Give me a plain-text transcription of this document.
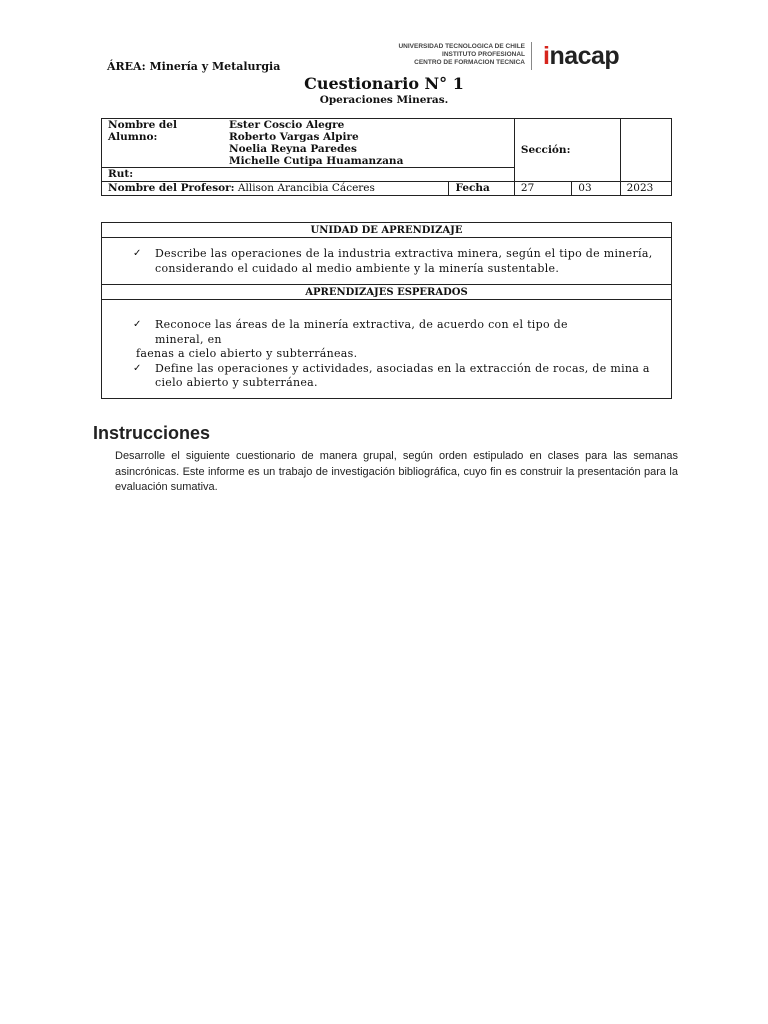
ÁREA: Minería y Metalurgia
UNIVERSIDAD TECNOLOGICA DE CHILE
INSTITUTO PROFESIONAL
CENTRO DE FORMACION TECNICA inacap
Cuestionario N° 1
Operaciones Mineras.
Nombre del Alumno:
Ester Coscio Alegre
Roberto Vargas Alpire
Noelia Reyna Paredes
Michelle Cutipa Huamanzana		Sección:		
Rut:				
Nombre del Profesor: Allison Arancibia Cáceres	Fecha	27	03	2023
UNIDAD DE APRENDIZAJE

✓	Describe las operaciones de la industria extractiva minera, según el tipo de minería, considerando el cuidado al medio ambiente y la minería sustentable.

APRENDIZAJES ESPERADOS

✓	Reconoce las áreas de la minería extractiva, de acuerdo con el tipo de
mineral, en
faenas a cielo abierto y subterráneas.
✓	Define las operaciones y actividades, asociadas en la extracción de rocas, de mina a cielo abierto y subterránea.
Instrucciones
Desarrolle el siguiente cuestionario de manera grupal, según orden estipulado en clases para las semanas asincrónicas. Este informe es un trabajo de investigación bibliográfica, cuyo fin es construir la presentación para la evaluación sumativa.
